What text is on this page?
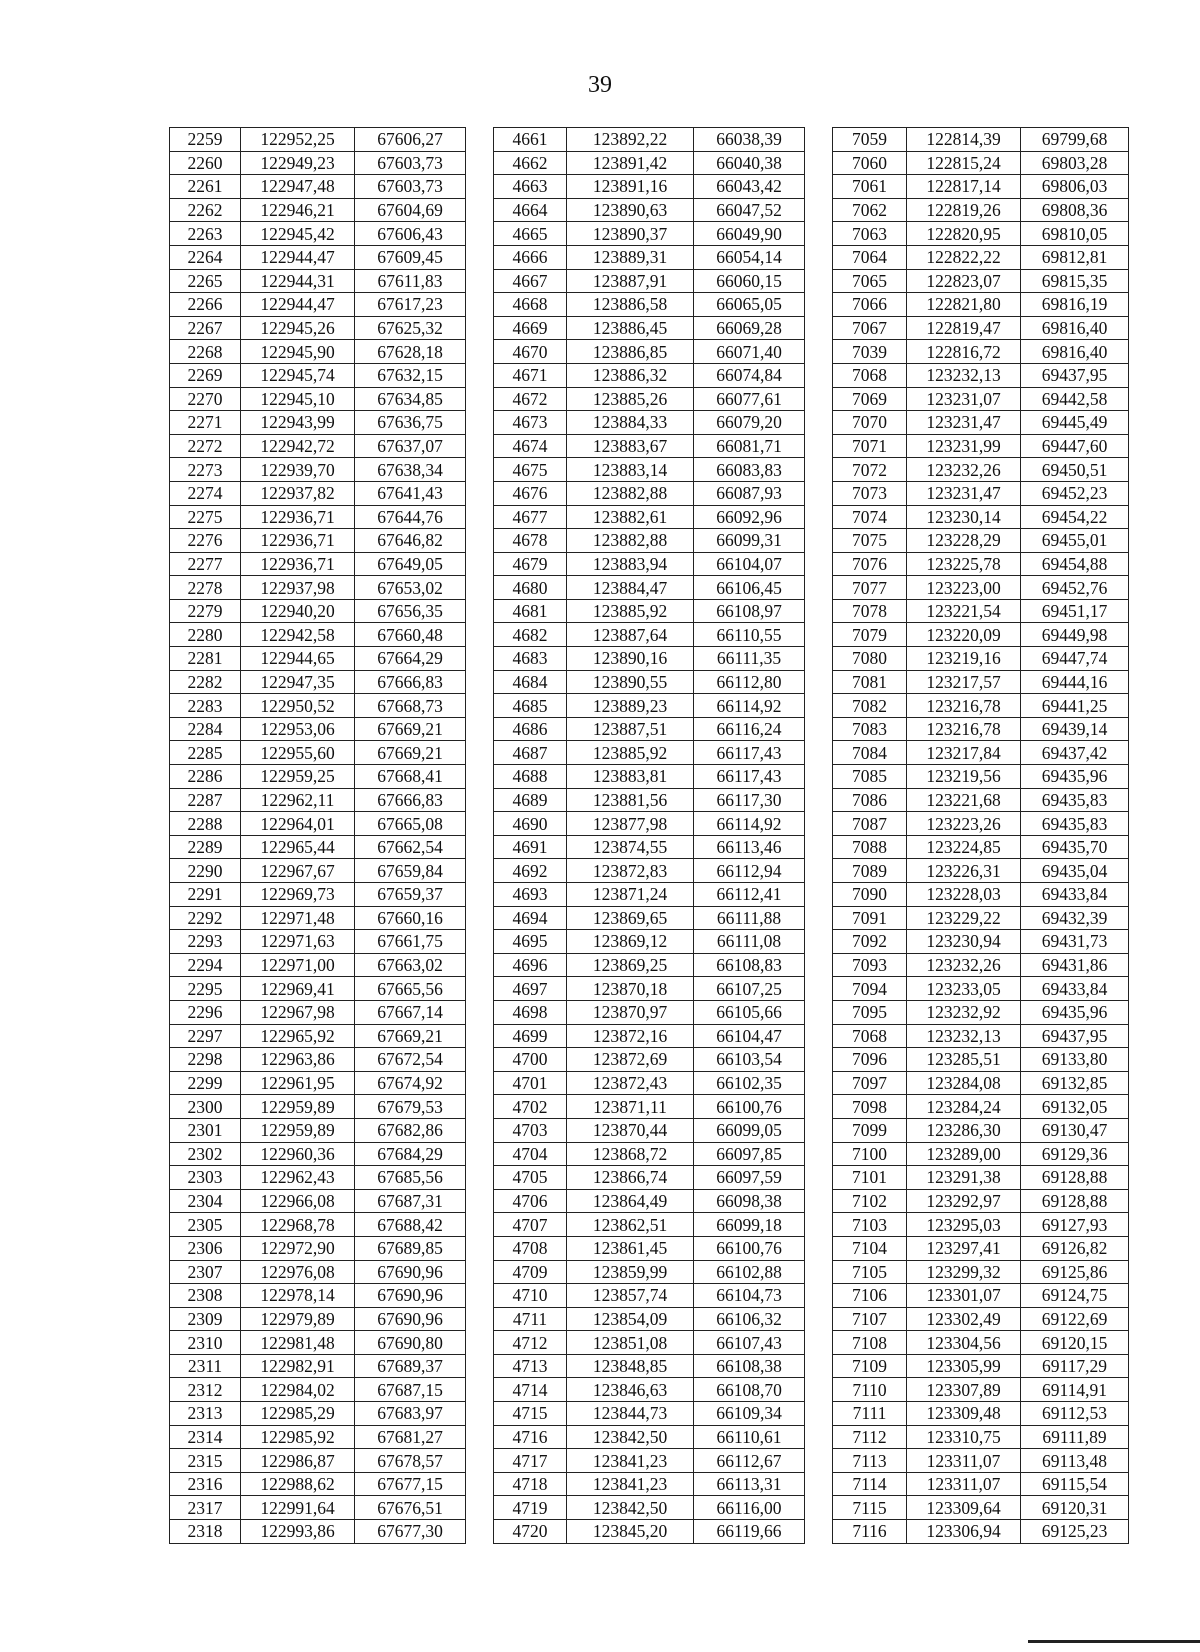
39
2259	122952,25	67606,27		4661	123892,22	66038,39		7059	122814,39	69799,68
2260	122949,23	67603,73		4662	123891,42	66040,38		7060	122815,24	69803,28
2261	122947,48	67603,73		4663	123891,16	66043,42		7061	122817,14	69806,03
2262	122946,21	67604,69		4664	123890,63	66047,52		7062	122819,26	69808,36
2263	122945,42	67606,43		4665	123890,37	66049,90		7063	122820,95	69810,05
2264	122944,47	67609,45		4666	123889,31	66054,14		7064	122822,22	69812,81
2265	122944,31	67611,83		4667	123887,91	66060,15		7065	122823,07	69815,35
2266	122944,47	67617,23		4668	123886,58	66065,05		7066	122821,80	69816,19
2267	122945,26	67625,32		4669	123886,45	66069,28		7067	122819,47	69816,40
2268	122945,90	67628,18		4670	123886,85	66071,40		7039	122816,72	69816,40
2269	122945,74	67632,15		4671	123886,32	66074,84		7068	123232,13	69437,95
2270	122945,10	67634,85		4672	123885,26	66077,61		7069	123231,07	69442,58
2271	122943,99	67636,75		4673	123884,33	66079,20		7070	123231,47	69445,49
2272	122942,72	67637,07		4674	123883,67	66081,71		7071	123231,99	69447,60
2273	122939,70	67638,34		4675	123883,14	66083,83		7072	123232,26	69450,51
2274	122937,82	67641,43		4676	123882,88	66087,93		7073	123231,47	69452,23
2275	122936,71	67644,76		4677	123882,61	66092,96		7074	123230,14	69454,22
2276	122936,71	67646,82		4678	123882,88	66099,31		7075	123228,29	69455,01
2277	122936,71	67649,05		4679	123883,94	66104,07		7076	123225,78	69454,88
2278	122937,98	67653,02		4680	123884,47	66106,45		7077	123223,00	69452,76
2279	122940,20	67656,35		4681	123885,92	66108,97		7078	123221,54	69451,17
2280	122942,58	67660,48		4682	123887,64	66110,55		7079	123220,09	69449,98
2281	122944,65	67664,29		4683	123890,16	66111,35		7080	123219,16	69447,74
2282	122947,35	67666,83		4684	123890,55	66112,80		7081	123217,57	69444,16
2283	122950,52	67668,73		4685	123889,23	66114,92		7082	123216,78	69441,25
2284	122953,06	67669,21		4686	123887,51	66116,24		7083	123216,78	69439,14
2285	122955,60	67669,21		4687	123885,92	66117,43		7084	123217,84	69437,42
2286	122959,25	67668,41		4688	123883,81	66117,43		7085	123219,56	69435,96
2287	122962,11	67666,83		4689	123881,56	66117,30		7086	123221,68	69435,83
2288	122964,01	67665,08		4690	123877,98	66114,92		7087	123223,26	69435,83
2289	122965,44	67662,54		4691	123874,55	66113,46		7088	123224,85	69435,70
2290	122967,67	67659,84		4692	123872,83	66112,94		7089	123226,31	69435,04
2291	122969,73	67659,37		4693	123871,24	66112,41		7090	123228,03	69433,84
2292	122971,48	67660,16		4694	123869,65	66111,88		7091	123229,22	69432,39
2293	122971,63	67661,75		4695	123869,12	66111,08		7092	123230,94	69431,73
2294	122971,00	67663,02		4696	123869,25	66108,83		7093	123232,26	69431,86
2295	122969,41	67665,56		4697	123870,18	66107,25		7094	123233,05	69433,84
2296	122967,98	67667,14		4698	123870,97	66105,66		7095	123232,92	69435,96
2297	122965,92	67669,21		4699	123872,16	66104,47		7068	123232,13	69437,95
2298	122963,86	67672,54		4700	123872,69	66103,54		7096	123285,51	69133,80
2299	122961,95	67674,92		4701	123872,43	66102,35		7097	123284,08	69132,85
2300	122959,89	67679,53		4702	123871,11	66100,76		7098	123284,24	69132,05
2301	122959,89	67682,86		4703	123870,44	66099,05		7099	123286,30	69130,47
2302	122960,36	67684,29		4704	123868,72	66097,85		7100	123289,00	69129,36
2303	122962,43	67685,56		4705	123866,74	66097,59		7101	123291,38	69128,88
2304	122966,08	67687,31		4706	123864,49	66098,38		7102	123292,97	69128,88
2305	122968,78	67688,42		4707	123862,51	66099,18		7103	123295,03	69127,93
2306	122972,90	67689,85		4708	123861,45	66100,76		7104	123297,41	69126,82
2307	122976,08	67690,96		4709	123859,99	66102,88		7105	123299,32	69125,86
2308	122978,14	67690,96		4710	123857,74	66104,73		7106	123301,07	69124,75
2309	122979,89	67690,96		4711	123854,09	66106,32		7107	123302,49	69122,69
2310	122981,48	67690,80		4712	123851,08	66107,43		7108	123304,56	69120,15
2311	122982,91	67689,37		4713	123848,85	66108,38		7109	123305,99	69117,29
2312	122984,02	67687,15		4714	123846,63	66108,70		7110	123307,89	69114,91
2313	122985,29	67683,97		4715	123844,73	66109,34		7111	123309,48	69112,53
2314	122985,92	67681,27		4716	123842,50	66110,61		7112	123310,75	69111,89
2315	122986,87	67678,57		4717	123841,23	66112,67		7113	123311,07	69113,48
2316	122988,62	67677,15		4718	123841,23	66113,31		7114	123311,07	69115,54
2317	122991,64	67676,51		4719	123842,50	66116,00		7115	123309,64	69120,31
2318	122993,86	67677,30		4720	123845,20	66119,66		7116	123306,94	69125,23
